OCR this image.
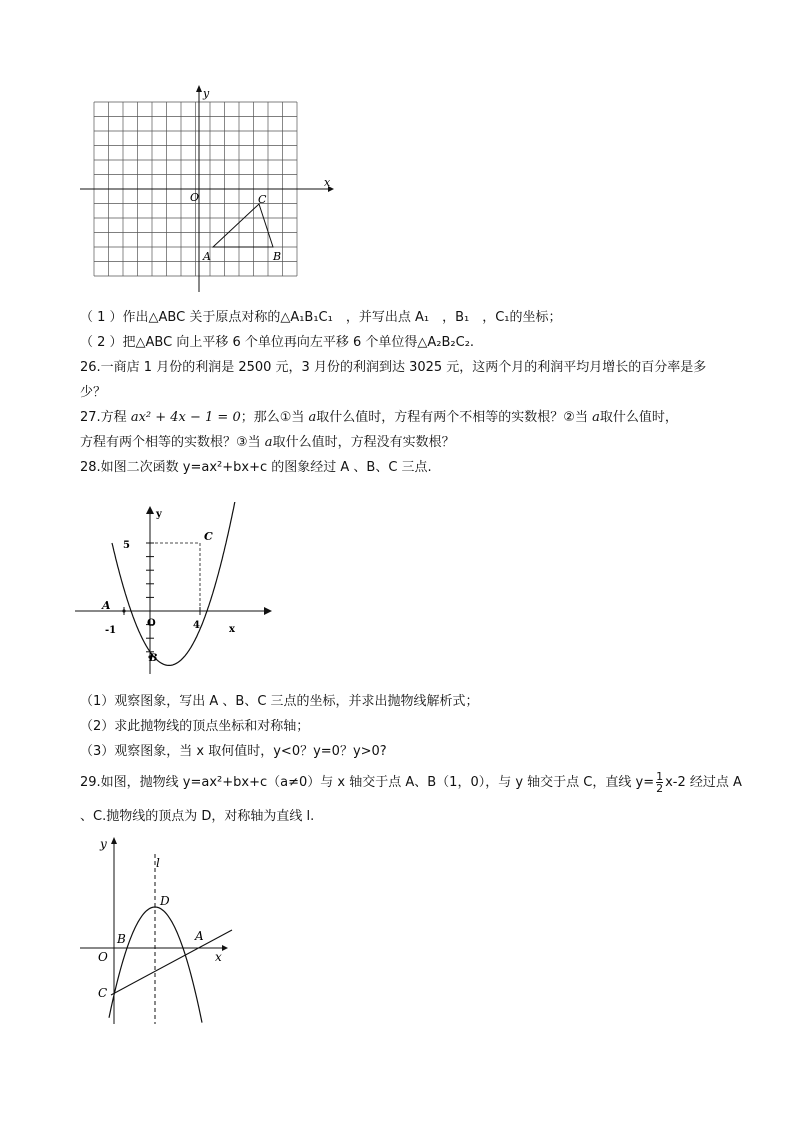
y
x
O	C
A	B
（ 1 ）作出△ABC 关于原点对称的△A₁B₁C₁　，并写出点 A₁　，B₁　，C₁的坐标；
（ 2 ）把△ABC 向上平移 6 个单位再向左平移 6 个单位得△A₂B₂C₂.
26.一商店 1 月份的利润是 2500 元，3 月份的利润到达 3025 元，这两个月的利润平均月增长的百分率是多
少？
27.方程 ax² + 4x − 1 = 0；那么①当 a取什么值时，方程有两个不相等的实数根？②当 a取什么值时，
方程有两个相等的实数根？③当 a取什么值时，方程没有实数根？
28.如图二次函数 y=ax²+bx+c 的图象经过 A 、B、C 三点.
y
5
C
A
-1
O	4	x
B
（1）观察图象，写出 A 、B、C 三点的坐标，并求出抛物线解析式；
（2）求此抛物线的顶点坐标和对称轴；
（3）观察图象，当 x 取何值时，y<0？y=0？y>0?
29.如图，抛物线 y=ax²+bx+c（a≠0）与 x 轴交于点 A、B（1，0），与 y 轴交于点 C，直线 $y= \frac{1}{2} x-2$ 经过点 A
、C.抛物线的顶点为 D，对称轴为直线 l.
y
l
D
B	A
O	x
C
